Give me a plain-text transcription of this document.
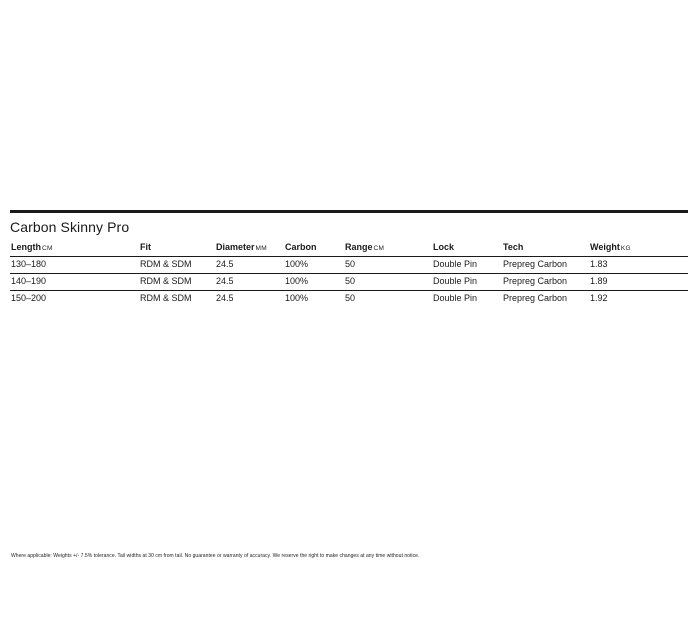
Carbon Skinny Pro
LengthCM	Fit	DiameterMM	Carbon	RangeCM	Lock	Tech	WeightKG
130–180	RDM & SDM	24.5	100%	50	Double Pin	Prepreg Carbon	1.83
140–190	RDM & SDM	24.5	100%	50	Double Pin	Prepreg Carbon	1.89
150–200	RDM & SDM	24.5	100%	50	Double Pin	Prepreg Carbon	1.92
Where applicable: Weights +/- 7.5% tolerance. Tail widths at 30 cm from tail. No guarantee or warranty of accuracy. We reserve the right to make changes at any time without notice.
